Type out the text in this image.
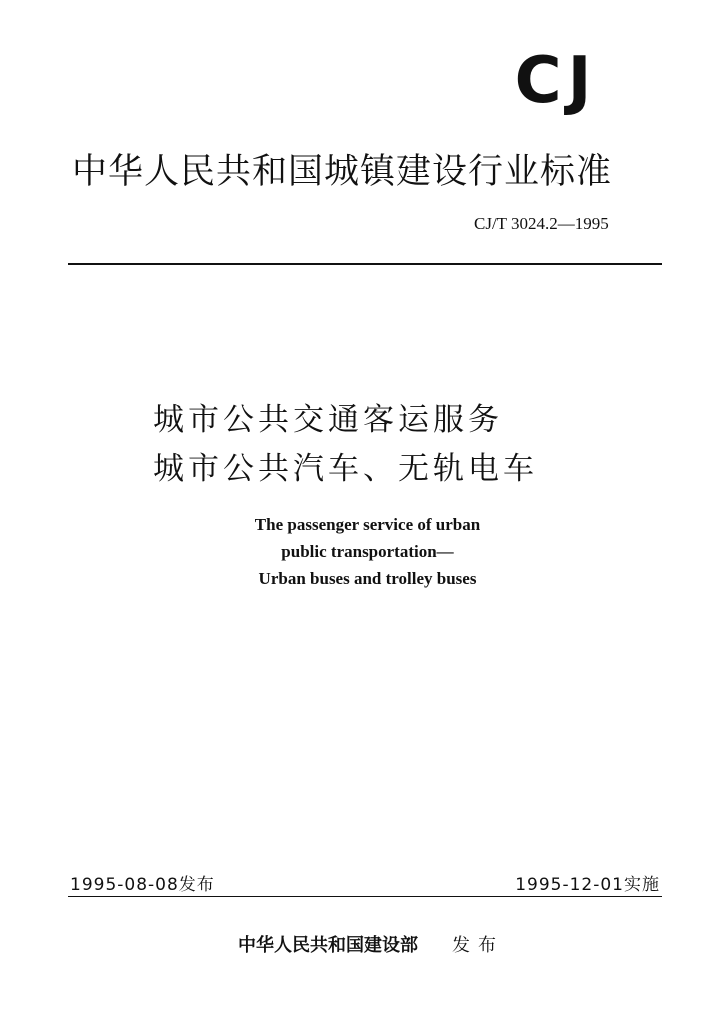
CJ
中华人民共和国城镇建设行业标准
CJ/T 3024.2—1995
城市公共交通客运服务
城市公共汽车、无轨电车
The passenger service of urban
public transportation—
Urban buses and trolley buses
1995-08-08发布	1995-12-01实施
中华人民共和国建设部 发布
